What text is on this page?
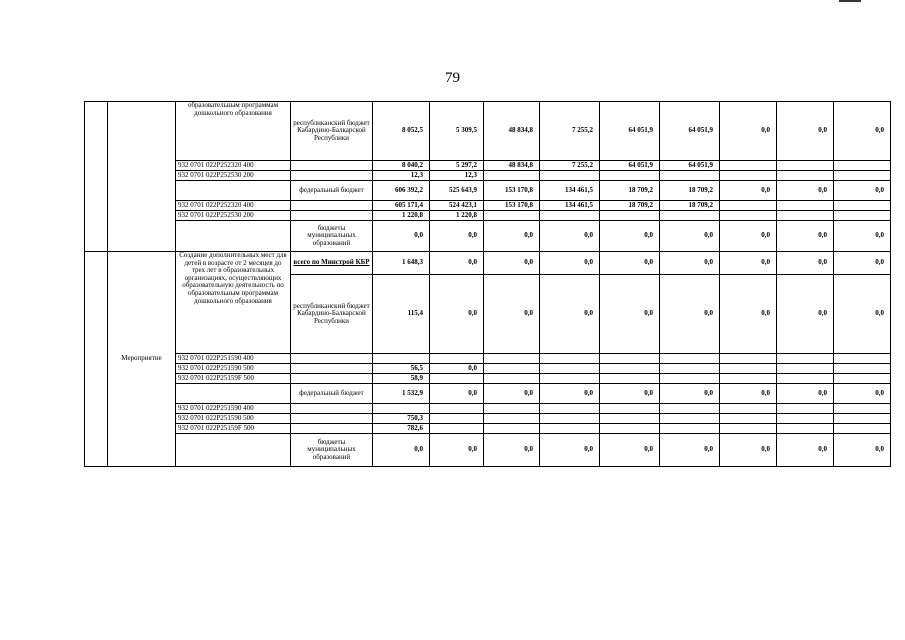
79
		образовательным программам дошкольного образования	республиканский бюджет Кабардино-Балкарской Республики	8 052,5	5 309,5	48 834,8	7 255,2	64 051,9	64 051,9	0,0	0,0	0,0
		932 0701 022P252320 400		8 040,2	5 297,2	48 834,8	7 255,2	64 051,9	64 051,9			
		932 0701 022P252530 200		12,3	12,3							
			федеральный бюджет	606 392,2	525 643,9	153 170,8	134 461,5	18 709,2	18 709,2	0,0	0,0	0,0
		932 0701 022P252320 400		605 171,4	524 423,1	153 170,8	134 461,5	18 709,2	18 709,2			
		932 0701 022P252530 200		1 220,8	1 220,8							
			бюджеты муниципальных образований	0,0	0,0	0,0	0,0	0,0	0,0	0,0	0,0	0,0
	Мероприятие	Создание дополнительных мест для детей в возрасте от 2 месяцев до трех лет в образовательных организациях, осуществляющих образовательную деятельность по образовательным программам дошкольного образования	всего по Минстрой КБР	1 648,3	0,0	0,0	0,0	0,0	0,0	0,0	0,0	0,0
			республиканский бюджет Кабардино-Балкарской Республики	115,4	0,0	0,0	0,0	0,0	0,0	0,0	0,0	0,0
		932 0701 022P251590 400										
		932 0701 022P251590 500		56,5	0,0							
		932 0701 022P25159F 500		58,9								
			федеральный бюджет	1 532,9	0,0	0,0	0,0	0,0	0,0	0,0	0,0	0,0
		932 0701 022P251590 400										
		932 0701 022P251590 500		750,3								
		932 0701 022P25159F 500		782,6								
			бюджеты муниципальных образований	0,0	0,0	0,0	0,0	0,0	0,0	0,0	0,0	0,0
